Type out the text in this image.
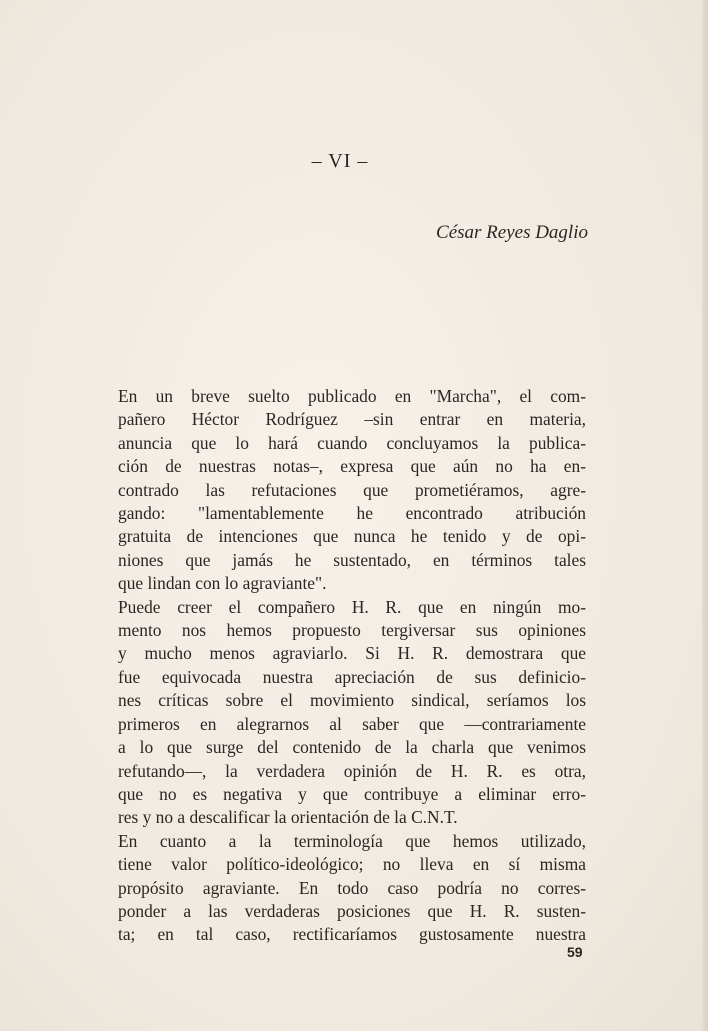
– VI –
César Reyes Daglio
En un breve suelto publicado en "Marcha", el com-
pañero Héctor Rodríguez –sin entrar en materia,
anuncia que lo hará cuando concluyamos la publica-
ción de nuestras notas–, expresa que aún no ha en-
contrado las refutaciones que prometiéramos, agre-
gando: "lamentablemente he encontrado atribución
gratuita de intenciones que nunca he tenido y de opi-
niones que jamás he sustentado, en términos tales
que lindan con lo agraviante".
Puede creer el compañero H. R. que en ningún mo-
mento nos hemos propuesto tergiversar sus opiniones
y mucho menos agraviarlo. Si H. R. demostrara que
fue equivocada nuestra apreciación de sus definicio-
nes críticas sobre el movimiento sindical, seríamos los
primeros en alegrarnos al saber que —contrariamente
a lo que surge del contenido de la charla que venimos
refutando—, la verdadera opinión de H. R. es otra,
que no es negativa y que contribuye a eliminar erro-
res y no a descalificar la orientación de la C.N.T.
En cuanto a la terminología que hemos utilizado,
tiene valor político-ideológico; no lleva en sí misma
propósito agraviante. En todo caso podría no corres-
ponder a las verdaderas posiciones que H. R. susten-
ta; en tal caso, rectificaríamos gustosamente nuestra
59
